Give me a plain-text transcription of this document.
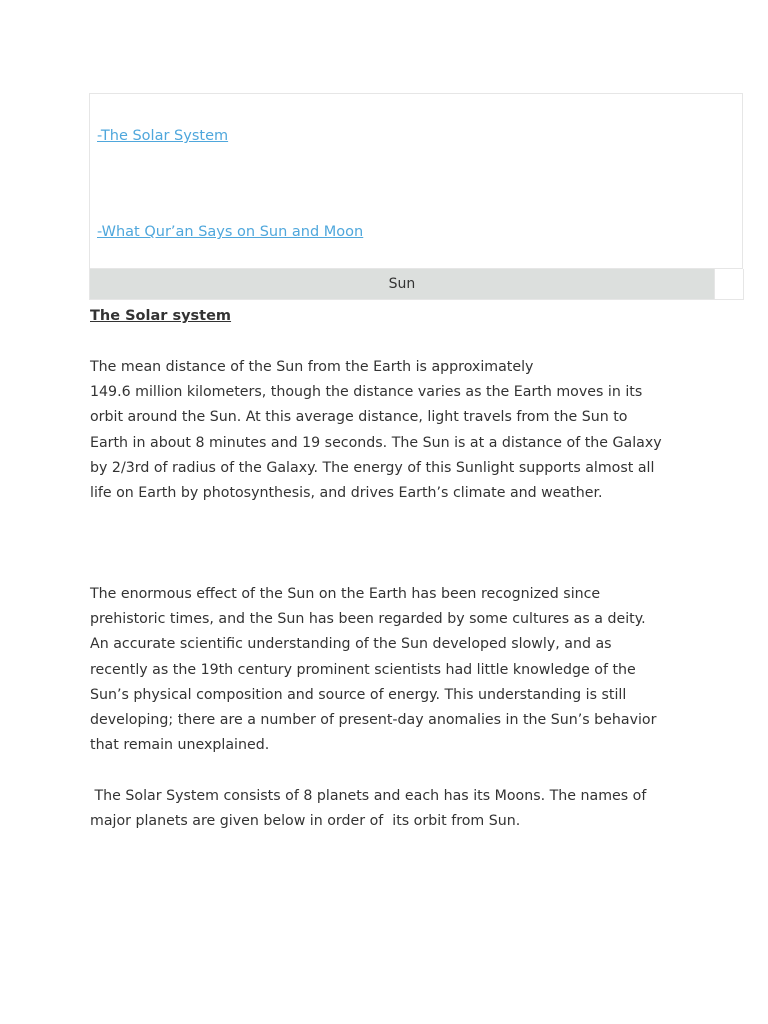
-The Solar System
-What Qur’an Says on Sun and Moon
Sun
The Solar system

The mean distance of the Sun from the Earth is approximately
149.6 million kilometers, though the distance varies as the Earth moves in its
orbit around the Sun. At this average distance, light travels from the Sun to
Earth in about 8 minutes and 19 seconds. The Sun is at a distance of the Galaxy
by 2/3rd of radius of the Galaxy. The energy of this Sunlight supports almost all
life on Earth by photosynthesis, and drives Earth’s climate and weather.

The enormous effect of the Sun on the Earth has been recognized since
prehistoric times, and the Sun has been regarded by some cultures as a deity.
An accurate scientific understanding of the Sun developed slowly, and as
recently as the 19th century prominent scientists had little knowledge of the
Sun’s physical composition and source of energy. This understanding is still
developing; there are a number of present-day anomalies in the Sun’s behavior
that remain unexplained.

The Solar System consists of 8 planets and each has its Moons. The names of
major planets are given below in order of  its orbit from Sun.
